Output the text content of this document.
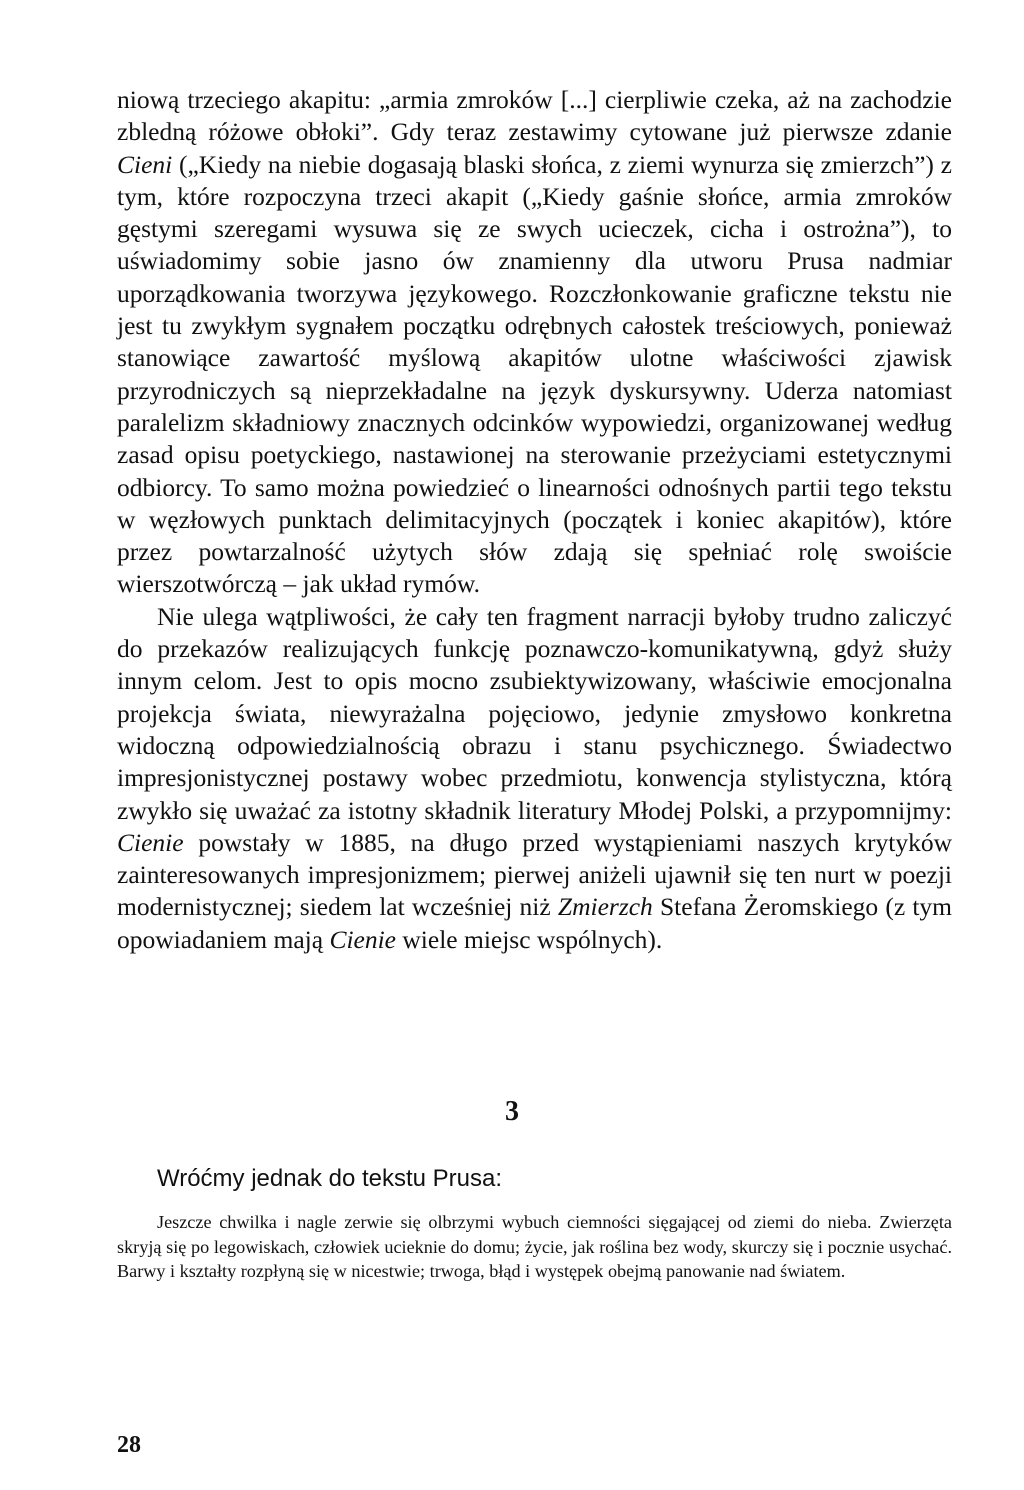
niową trzeciego akapitu: „armia zmroków [...] cierpliwie czeka, aż na zachodzie zbledną różowe obłoki”. Gdy teraz zestawimy cytowane już pierwsze zdanie Cieni („Kiedy na niebie dogasają blaski słońca, z ziemi wynurza się zmierzch”) z tym, które rozpoczyna trzeci akapit („Kiedy gaśnie słońce, armia zmroków gęstymi szeregami wysuwa się ze swych ucieczek, cicha i ostrożna”), to uświadomimy sobie jasno ów znamienny dla utworu Prusa nadmiar uporządkowania tworzywa językowego. Rozczłonkowanie graficzne tekstu nie jest tu zwykłym sygnałem początku odrębnych całostek treściowych, ponieważ stanowiące zawartość myślową akapitów ulotne właściwości zjawisk przyrodniczych są nieprzekładalne na język dyskursywny. Uderza natomiast paralelizm składniowy znacznych odcinków wypowiedzi, organizowanej według zasad opisu poetyckiego, nastawionej na sterowanie przeżyciami estetycznymi odbiorcy. To samo można powiedzieć o linearności odnośnych partii tego tekstu w węzłowych punktach delimitacyjnych (początek i koniec akapitów), które przez powtarzalność użytych słów zdają się spełniać rolę swoiście wierszotwórczą – jak układ rymów.

Nie ulega wątpliwości, że cały ten fragment narracji byłoby trudno zaliczyć do przekazów realizujących funkcję poznawczo-komunikatywną, gdyż służy innym celom. Jest to opis mocno zsubiektywizowany, właściwie emocjonalna projekcja świata, niewyrażalna pojęciowo, jedynie zmysłowo konkretna widoczną odpowiedzialnością obrazu i stanu psychicznego. Świadectwo impresjonistycznej postawy wobec przedmiotu, konwencja stylistyczna, którą zwykło się uważać za istotny składnik literatury Młodej Polski, a przypomnijmy: Cienie powstały w 1885, na długo przed wystąpieniami naszych krytyków zainteresowanych impresjonizmem; pierwej aniżeli ujawnił się ten nurt w poezji modernistycznej; siedem lat wcześniej niż Zmierzch Stefana Żeromskiego (z tym opowiadaniem mają Cienie wiele miejsc wspólnych).

3
Wróćmy jednak do tekstu Prusa:
Jeszcze chwilka i nagle zerwie się olbrzymi wybuch ciemności sięgającej od ziemi do nieba. Zwierzęta skryją się po legowiskach, człowiek ucieknie do domu; życie, jak roślina bez wody, skurczy się i pocznie usychać. Barwy i kształty rozpłyną się w nicestwie; trwoga, błąd i występek obejmą panowanie nad światem.
28
